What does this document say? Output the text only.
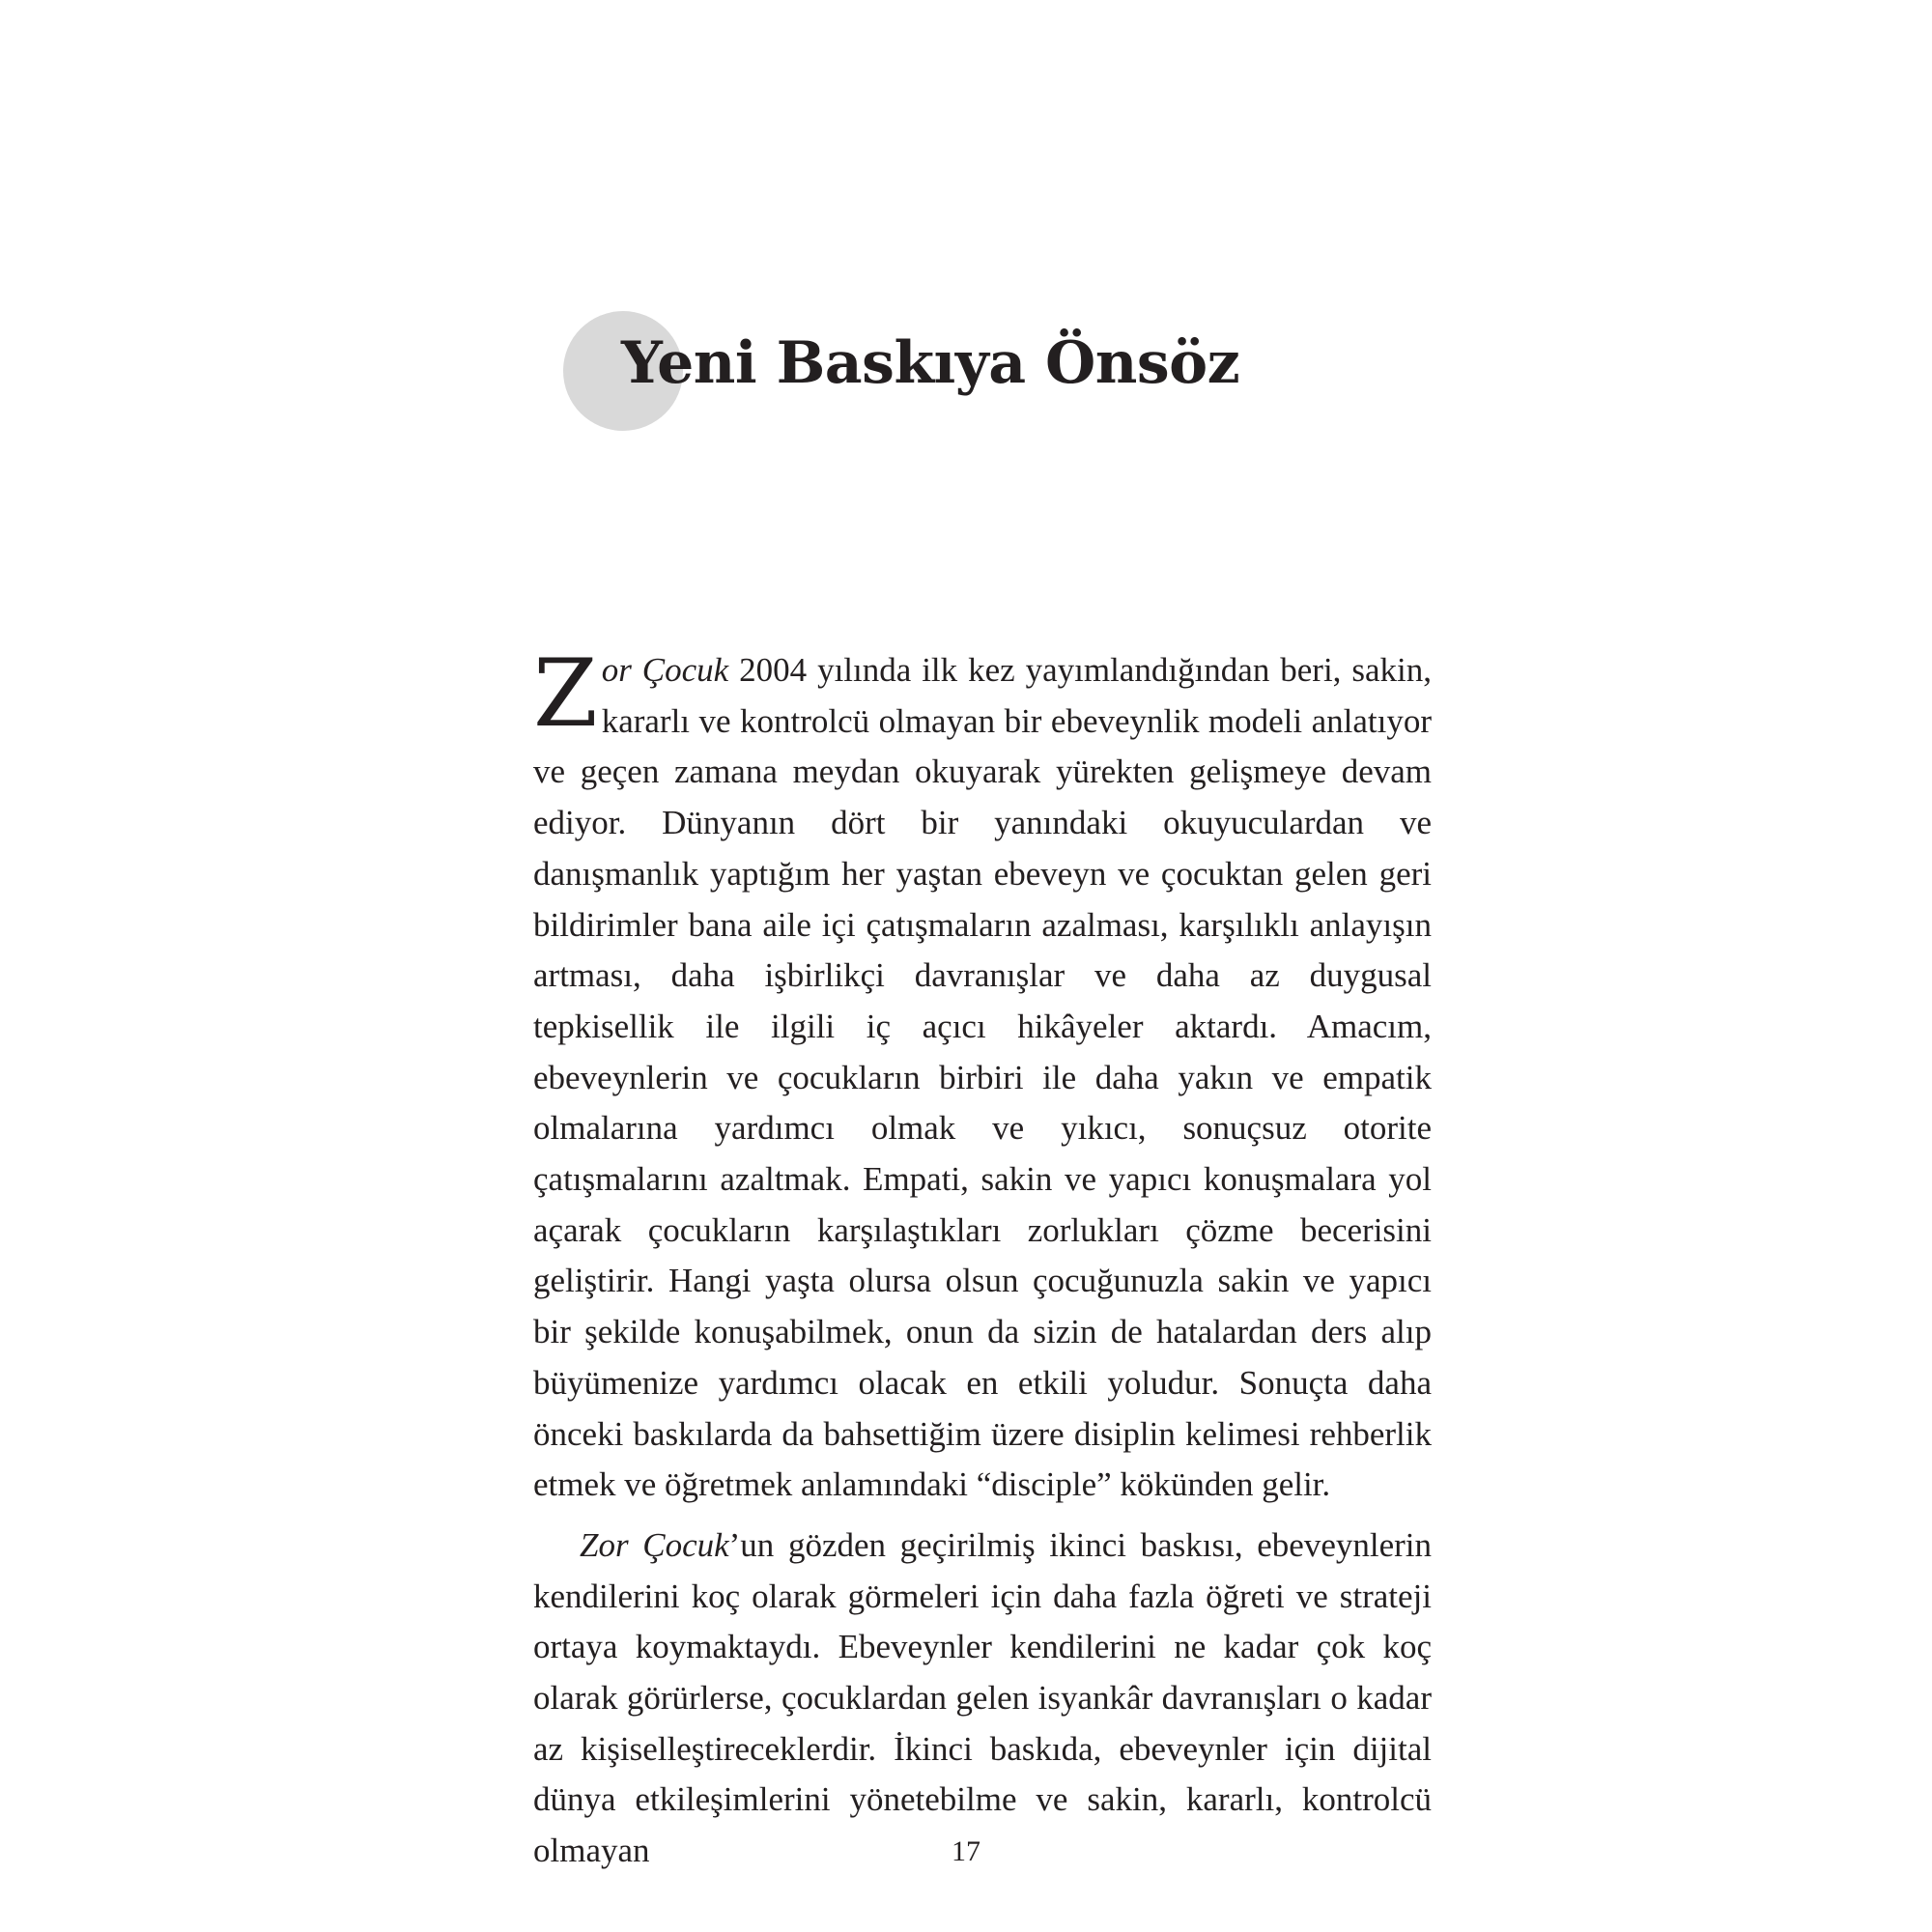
Yeni Baskıya Önsöz

Zor Çocuk 2004 yılında ilk kez yayımlandığından beri, sakin, kararlı ve kontrolcü olmayan bir ebeveynlik modeli anlatıyor ve geçen zamana meydan okuyarak yürekten gelişmeye devam ediyor. Dünyanın dört bir yanındaki okuyuculardan ve danışmanlık yaptığım her yaştan ebeveyn ve çocuktan gelen geri bildirimler bana aile içi çatışmaların azalması, karşılıklı anlayışın artması, daha işbirlikçi davranışlar ve daha az duygusal tepkisellik ile ilgili iç açıcı hikâyeler aktardı. Amacım, ebeveynlerin ve çocukların birbiri ile daha yakın ve empatik olmalarına yardımcı olmak ve yıkıcı, sonuçsuz otorite çatışmalarını azaltmak. Empati, sakin ve yapıcı konuşmalara yol açarak çocukların karşılaştıkları zorlukları çözme becerisini geliştirir. Hangi yaşta olursa olsun çocuğunuzla sakin ve yapıcı bir şekilde konuşabilmek, onun da sizin de hatalardan ders alıp büyümenize yardımcı olacak en etkili yoludur. Sonuçta daha önceki baskılarda da bahsettiğim üzere disiplin kelimesi rehberlik etmek ve öğretmek anlamındaki “disciple” kökünden gelir.

Zor Çocuk’un gözden geçirilmiş ikinci baskısı, ebeveynlerin kendilerini koç olarak görmeleri için daha fazla öğreti ve strateji ortaya koymaktaydı. Ebeveynler kendilerini ne kadar çok koç olarak görürlerse, çocuklardan gelen isyankâr davranışları o kadar az kişiselleştireceklerdir. İkinci baskıda, ebeveynler için dijital dünya etkileşimlerini yönetebilme ve sakin, kararlı, kontrolcü olmayan	17
